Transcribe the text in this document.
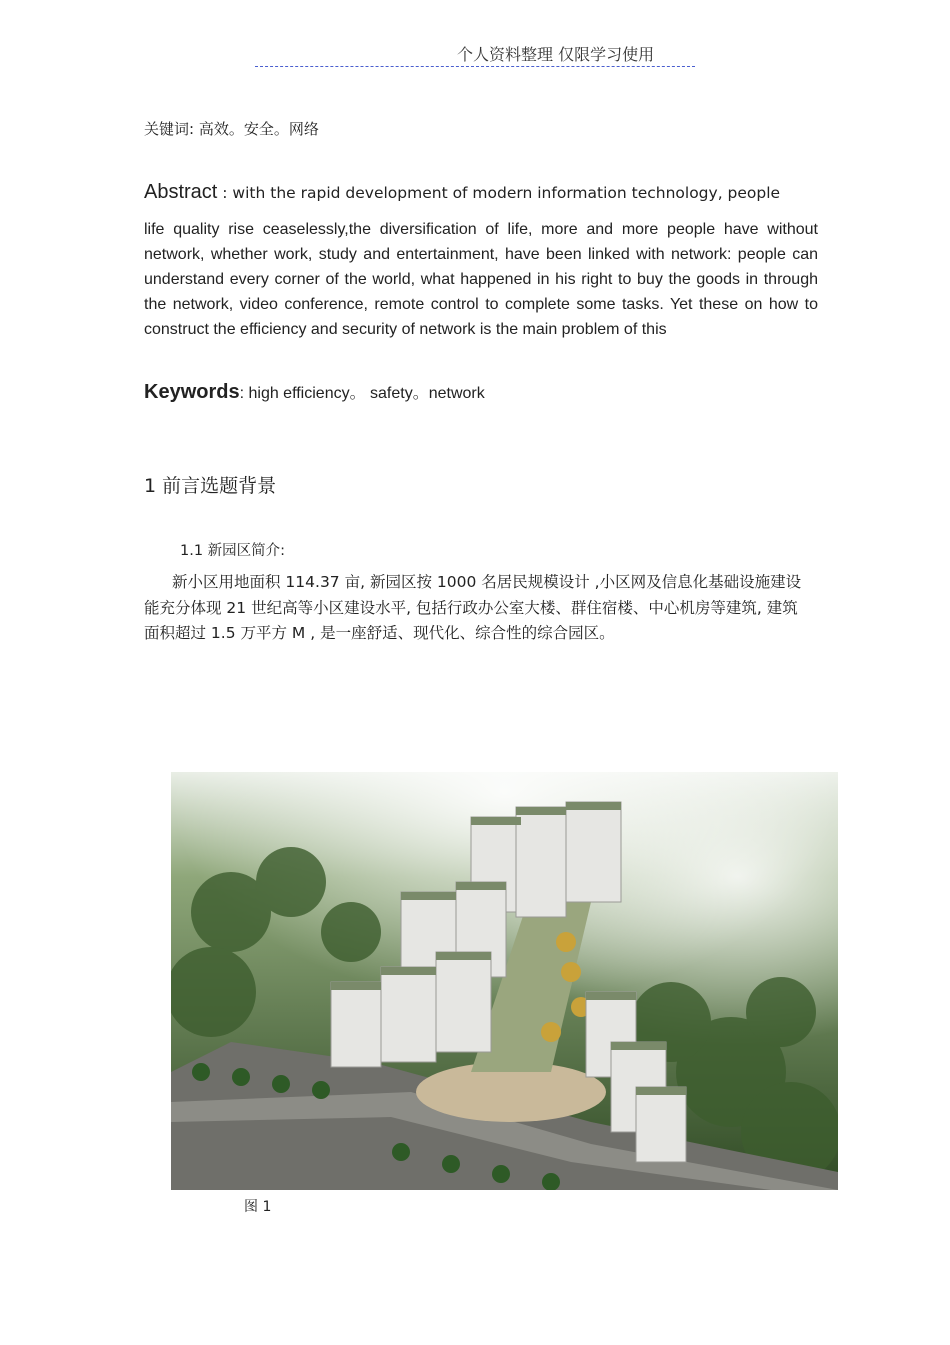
个人资料整理 仅限学习使用
关键词: 高效。安全。网络
Abstract : with the rapid development of modern information technology, people
life quality rise ceaselessly,the diversification of life, more and more people have without network, whether work, study and entertainment, have been linked with network: people can understand every corner of the world, what happened in his right to buy the goods in through the network, video conference, remote control to complete some tasks. Yet these on how to construct the efficiency and security of network is the main problem of this
Keywords: high efficiency。 safety。network
1 前言选题背景
1.1 新园区简介:
新小区用地面积 114.37 亩, 新园区按 1000 名居民规模设计 ,小区网及信息化基础设施建设能充分体现 21 世纪高等小区建设水平, 包括行政办公室大楼、群住宿楼、中心机房等建筑, 建筑面积超过 1.5 万平方 M , 是一座舒适、现代化、综合性的综合园区。
图 1
